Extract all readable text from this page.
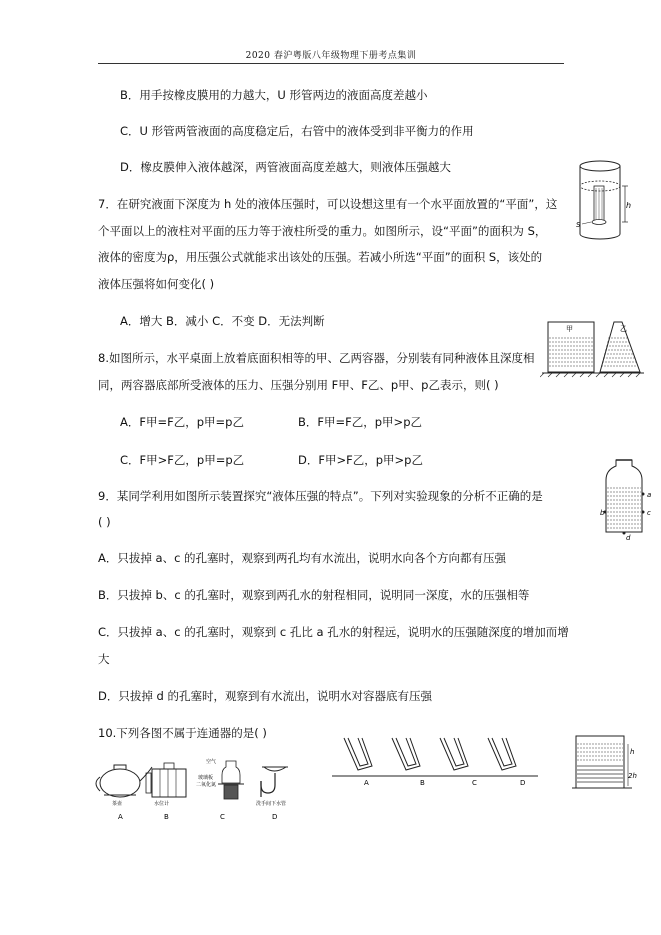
2020 春沪粤版八年级物理下册考点集训
B．用手按橡皮膜用的力越大，U 形管两边的液面高度差越小
C．U 形管两管液面的高度稳定后，右管中的液体受到非平衡力的作用
D．橡皮膜伸入液体越深，两管液面高度差越大，则液体压强越大
7．在研究液面下深度为 h 处的液体压强时，可以设想这里有一个水平面放置的“平面”，这
个平面以上的液柱对平面的压力等于液柱所受的重力。如图所示，设“平面”的面积为 S，
液体的密度为ρ，用压强公式就能求出该处的压强。若减小所选“平面”的面积 S，该处的
液体压强将如何变化( )
A．增大 B．减小 C．不变 D．无法判断
h
S
8.如图所示，水平桌面上放着底面积相等的甲、乙两容器，分别装有同种液体且深度相
同，两容器底部所受液体的压力、压强分别用 F甲、F乙、p甲、p乙表示，则( )
A．F甲=F乙，p甲=p乙	B．F甲=F乙，p甲>p乙
C．F甲>F乙，p甲=p乙	D．F甲>F乙，p甲>p乙
甲	乙
9．某同学利用如图所示装置探究“液体压强的特点”。下列对实验现象的分析不正确的是
( )
A．只拔掉 a、c 的孔塞时，观察到两孔均有水流出，说明水向各个方向都有压强
B．只拔掉 b、c 的孔塞时，观察到两孔水的射程相同，说明同一深度，水的压强相等
C．只拔掉 a、c 的孔塞时，观察到 c 孔比 a 孔水的射程远，说明水的压强随深度的增加而增
大
D．只拔掉 d 的孔塞时，观察到有水流出，说明水对容器底有压强
a
b	c
d
10.下列各图不属于连通器的是( )
茶壶
A
水位计
B
空气
玻璃板
二氧化氮
C
洗手间下水管
D
A	B	C	D
h
2h
